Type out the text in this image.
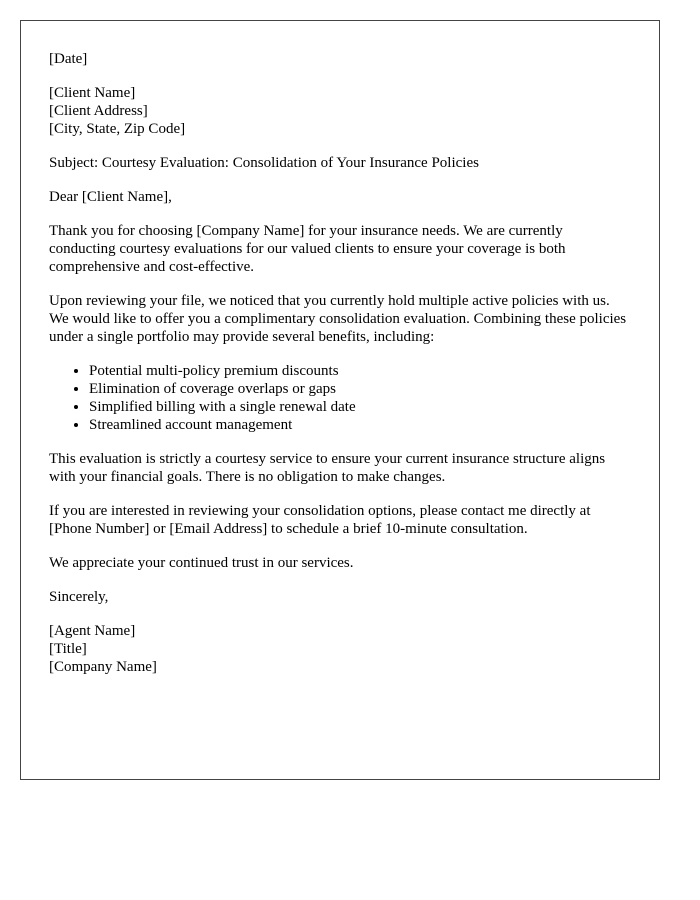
[Date]

[Client Name]
[Client Address]
[City, State, Zip Code]

Subject: Courtesy Evaluation: Consolidation of Your Insurance Policies

Dear [Client Name],

Thank you for choosing [Company Name] for your insurance needs. We are currently conducting courtesy evaluations for our valued clients to ensure your coverage is both comprehensive and cost-effective.

Upon reviewing your file, we noticed that you currently hold multiple active policies with us. We would like to offer you a complimentary consolidation evaluation. Combining these policies under a single portfolio may provide several benefits, including:

• Potential multi-policy premium discounts
• Elimination of coverage overlaps or gaps
• Simplified billing with a single renewal date
• Streamlined account management

This evaluation is strictly a courtesy service to ensure your current insurance structure aligns with your financial goals. There is no obligation to make changes.

If you are interested in reviewing your consolidation options, please contact me directly at [Phone Number] or [Email Address] to schedule a brief 10-minute consultation.

We appreciate your continued trust in our services.

Sincerely,

[Agent Name]
[Title]
[Company Name]
